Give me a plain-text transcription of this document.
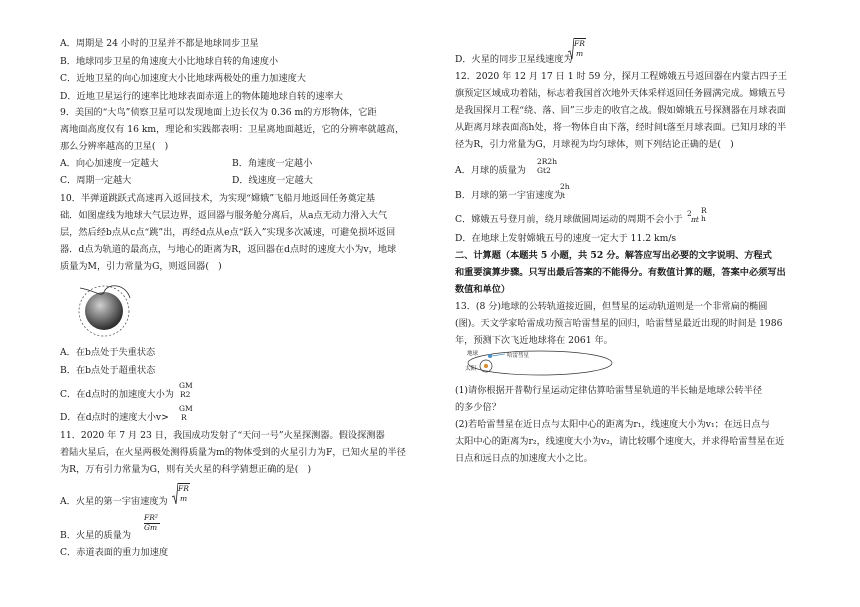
A．周期是 24 小时的卫星并不都是地球同步卫星
B．地球同步卫星的角速度大小比地球自转的角速度小
C．近地卫星的向心加速度大小比地球两极处的重力加速度大
D．近地卫星运行的速率比地球表面赤道上的物体随地球自转的速率大
9．美国的“大鸟”侦察卫星可以发现地面上边长仅为 0.36 m的方形物体，它距
离地面高度仅有 16 km，理论和实践都表明：卫星离地面越近，它的分辨率就越高，
那么分辨率越高的卫星(　)
A．向心加速度一定越大	B．角速度一定越小
C．周期一定越大	D．线速度一定越大
10．半弹道跳跃式高速再入返回技术，为实现“嫦娥”飞船月地返回任务奠定基
础．如图虚线为地球大气层边界，返回器与服务舱分离后，从a点无动力滑入大气
层，然后经b点从c点“跳”出，再经d点从e点“跃入”实现多次减速，可避免损坏返回
器．d点为轨道的最高点，与地心的距离为R，返回器在d点时的速度大小为v，地球
质量为M，引力常量为G，则返回器(　)
A．在b点处于失重状态
B．在b点处于超重状态
C．在d点时的加速度大小为
GM
R2
D．在d点时的速度大小v>
GM
R
11．2020 年 7 月 23 日，我国成功发射了“天问一号”火星探测器。假设探测器
着陆火星后，在火星两极处测得质量为m的物体受到的火星引力为F，已知火星的半径
为R，万有引力常量为G，则有关火星的科学猜想正确的是(　)
A．火星的第一宇宙速度为
FR
m
B．火星的质量为
FR²
Gm
C．赤道表面的重力加速度
D．火星的同步卫星线速度为
FR
m
12．2020 年 12 月 17 日 1 时 59 分，探月工程嫦娥五号返回器在内蒙古四子王
旗预定区域成功着陆，标志着我国首次地外天体采样返回任务圆满完成。嫦娥五号
是我国探月工程“绕、落、回”三步走的收官之战。假如嫦娥五号探测器在月球表面
从距离月球表面高h处，将一物体自由下落，经时间t落至月球表面。已知月球的半
径为R，引力常量为G，月球视为均匀球体，则下列结论正确的是(　)
A．月球的质量为
2R2h
Gt2
B．月球的第一宇宙速度为
2h
t
C．嫦娥五号登月前，绕月球做圆周运动的周期不会小于
2
πt
R
h
D．在地球上发射嫦娥五号的速度一定大于 11.2 km/s
二、计算题（本题共 5 小题，共 52 分。解答应写出必要的文字说明、方程式
和重要演算步骤。只写出最后答案的不能得分。有数值计算的题，答案中必须写出
数值和单位）
13．(8 分)地球的公转轨道接近圆，但彗星的运动轨道则是一个非常扁的椭圆
(图)。天文学家哈雷成功预言哈雷彗星的回归，哈雷彗星最近出现的时间是 1986
年，预测下次飞近地球将在 2061 年。
地球	哈雷彗星
太阳
(1)请你根据开普勒行星运动定律估算哈雷彗星轨道的半长轴是地球公转半径
的多少倍？
(2)若哈雷彗星在近日点与太阳中心的距离为r₁，线速度大小为v₁；在远日点与
太阳中心的距离为r₂，线速度大小为v₂，请比较哪个速度大，并求得哈雷彗星在近
日点和远日点的加速度大小之比。
